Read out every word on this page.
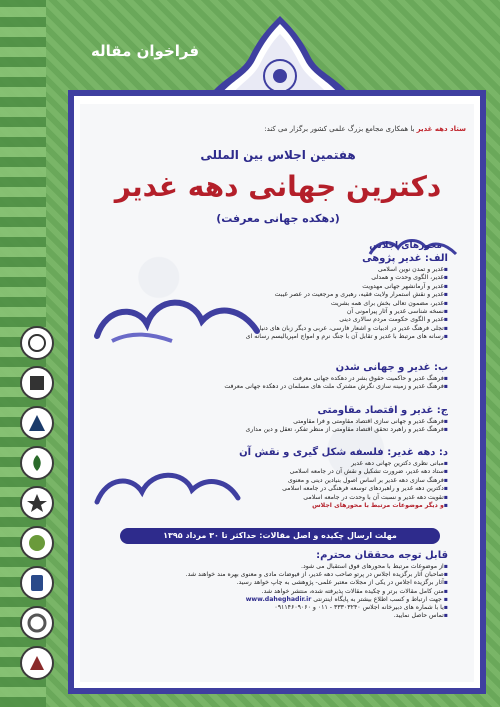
فراخوان مقاله
ستاد دهه غدیر با همکاری مجامع بزرگ علمی کشور برگزار می کند:
هفتمین اجلاس بین المللی
دکترین جهانی دهه غدیر
(دهکده جهانی معرفت)
محورهای اجلاس
الف: غدیر پژوهی
▪ غدیر و تمدن نوین اسلامی
▪ غدیر، الگوی وحدت و همدلی
▪ غدیر و آرمانشهر جهانی مهدویت
▪ غدیر و نقش استمرار ولایت فقیه، رهبری و مرجعیت در عصر غیبت
▪ غدیر، مضمون تعالی بخش برای همه بشریت
▪ نسخه شناسی غدیر و آثار پیرامونی آن
▪ غدیر و الگوی حکومت مردم سالاری دینی
▪ تجلی فرهنگ غدیر در ادبیات و اشعار فارسی، عربی و دیگر زبان های دنیا
▪ رسانه های مرتبط با غدیر و تقابل آن با جنگ نرم و امواج امپریالیسم رسانه ای
ب: غدیر و جهانی شدن
▪ فرهنگ غدیر و حاکمیت حقوق بشر در دهکده جهانی معرفت
▪ فرهنگ غدیر و زمینه سازی نگرش مشترک ملت های مسلمان در دهکده جهانی معرفت
ج: غدیر و اقتصاد مقاومتی
▪ فرهنگ غدیر و جهانی سازی اقتصاد مقاومتی و فرا مقاومتی
▪ فرهنگ غدیر و راهبرد تحقق اقتصاد مقاومتی از منظر تفکر، تعقل و دین مداری
د: دهه غدیر: فلسفه شکل گیری و نقش آن
▪ مبانی نظری دکترین جهانی دهه غدیر
▪ ستاد دهه غدیر، ضرورت تشکیل و نقش آن در جامعه اسلامی
▪ فرهنگ سازی دهه غدیر بر اساس اصول بنیادین دینی و معنوی
▪ دکترین دهه غدیر و راهبردهای توسعه فرهنگی در جامعه اسلامی
▪ تقویت دهه غدیر و نسبت آن با وحدت در جامعه اسلامی
▪ و دیگر موضوعات مرتبط با محورهای اجلاس
مهلت ارسال چکیده و اصل مقالات: حداکثر تا ۳۰ مرداد ۱۳۹۵
قابل توجه محققان محترم:
▪ از موضوعات مرتبط با محورهای فوق استقبال می شود.
▪ صاحبان آثار برگزیده اجلاس در پرتو صاحب دهه غدیر، از فیوضات مادی و معنوی بهره مند خواهند شد.
▪ آثار برگزیده اجلاس در یکی از مجلات معتبر علمی- پژوهشی به چاپ خواهد رسید.
▪ متن کامل مقالات برتر و چکیده مقالات پذیرفته شده، منتشر خواهد شد.
▪ جهت ارتباط و کسب اطلاع بیشتر به پایگاه اینترنتی www.daheghadir.ir
▪ یا با شماره های دبیرخانه اجلاس ۳۳۳۰۳۲۴۰ - ۰۱۱ و ۰۹۱۱۴۶۰۹۰۶۰
▪ تماس حاصل نمایید.
